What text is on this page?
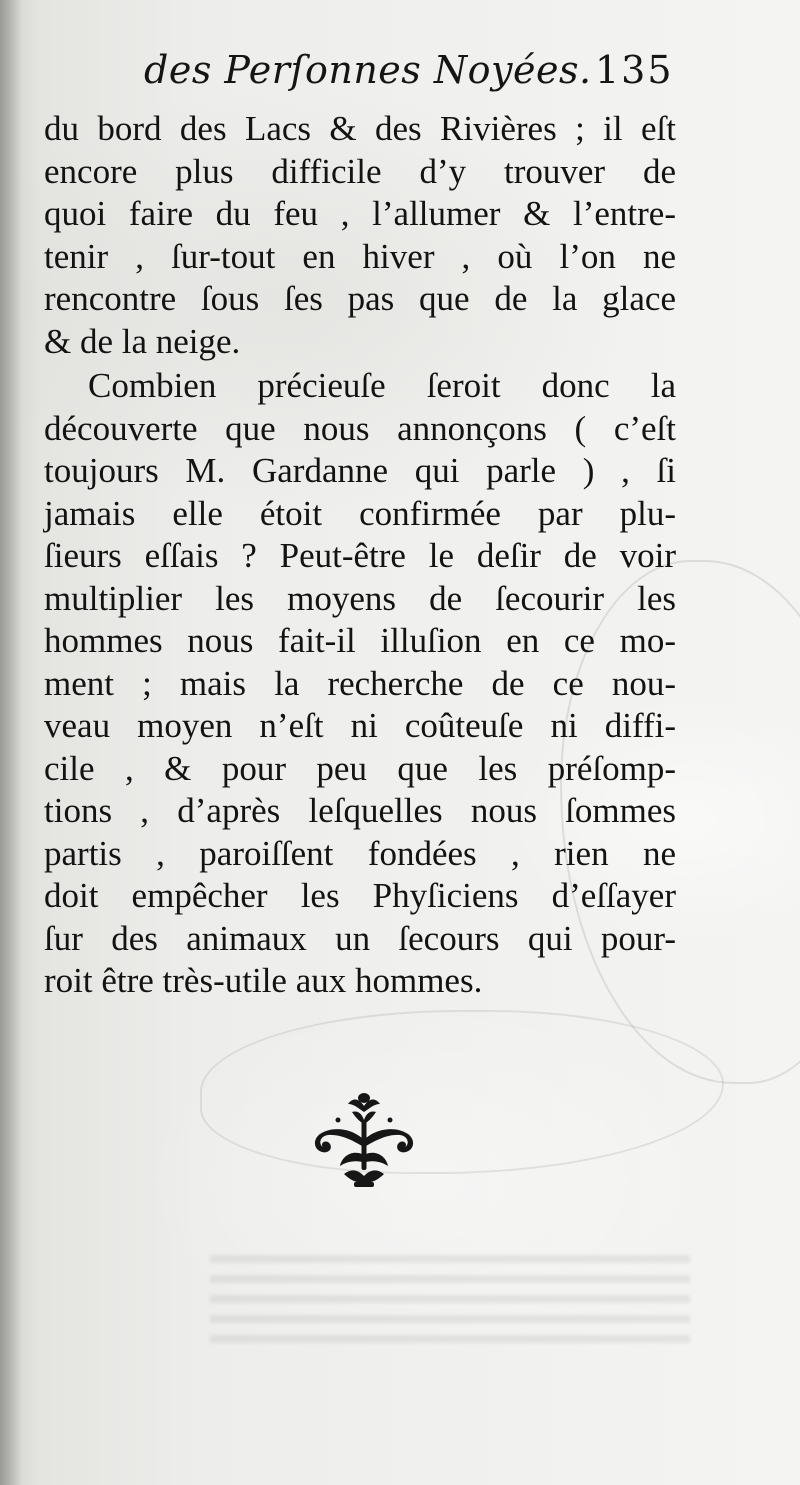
des Perſonnes Noyées. 135
du bord des Lacs & des Rivières ; il eſt
encore plus difficile d’y trouver de
quoi faire du feu , l’allumer & l’entre-
tenir , ſur-tout en hiver , où l’on ne
rencontre ſous ſes pas que de la glace
& de la neige.
Combien précieuſe ſeroit donc la
découverte que nous annonçons ( c’eſt
toujours M. Gardanne qui parle ) , ſi
jamais elle étoit confirmée par plu-
ſieurs eſſais ? Peut-être le deſir de voir
multiplier les moyens de ſecourir les
hommes nous fait-il illuſion en ce mo-
ment ; mais la recherche de ce nou-
veau moyen n’eſt ni coûteuſe ni diffi-
cile , & pour peu que les préſomp-
tions , d’après leſquelles nous ſommes
partis , paroiſſent fondées , rien ne
doit empêcher les Phyſiciens d’eſſayer
ſur des animaux un ſecours qui pour-
roit être très-utile aux hommes.
